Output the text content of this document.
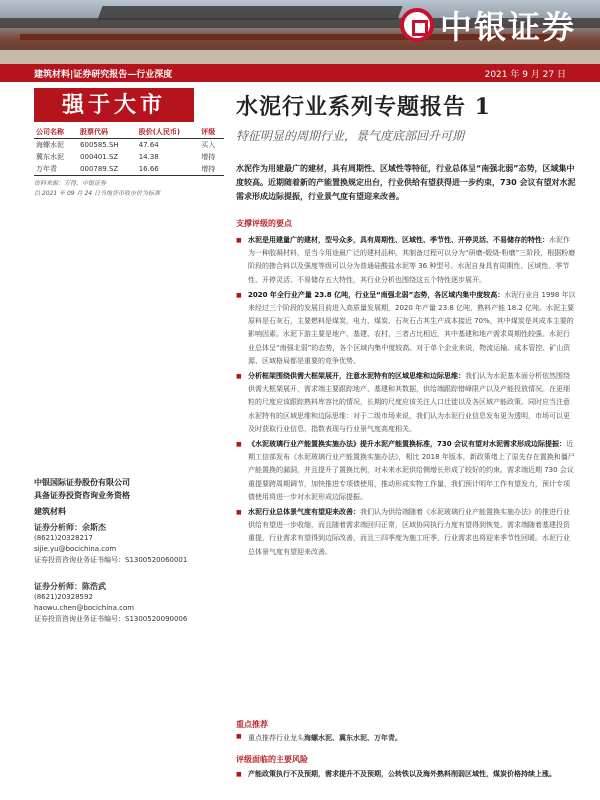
中银证券
建筑材料|证券研究报告—行业深度	2021 年 9 月 27 日
强于大市
公司名称	股票代码	股价(人民币)	评级
海螺水泥	600585.SH	47.64	买入
冀东水泥	000401.SZ	14.38	增持
万年青	000789.SZ	16.66	增持
资料来源：万得，中银证券
以 2021 年 09 月 24 日当地货币收市价为标准
中银国际证券股份有限公司
具备证券投资咨询业务资格
建筑材料
证券分析师：余斯杰
(8621)20328217
sijie.yu@bocichina.com
证券投资咨询业务证书编号：S1300520060001
证券分析师：陈浩武
(8621)20328592
haowu.chen@bocichina.com
证券投资咨询业务证书编号：S1300520090006
水泥行业系列专题报告 1
特征明显的周期行业，景气度底部回升可期
水泥作为用建最广的建材，具有周期性、区域性等特征，行业总体呈“南强北弱”态势，区域集中度较高。近期随着新的产能置换规定出台，行业供给有望获得进一步约束，730 会议有望对水泥需求形成边际提振，行业景气度有望迎来改善。
支撑评级的要点
■ 水泥是用建量广的建材，型号众多，具有周期性、区域性、季节性、开停灵活、不易储存的特性：水泥作为一种胶凝材料，是当今用途最广泛的建材品种。其制备过程可以分为“研磨-煅烧-粉磨”三阶段，根据粉磨阶段的掺合料以及强度等级可以分为普通硅酸盐水泥等 36 种型号。水泥自身具有周期性、区域性、季节性、开停灵活、不易储存五大特性，其行业分析也围绕这五个特性逐步展开。
■ 2020 年全行业产量 23.8 亿吨，行业呈“南强北弱”态势，各区域内集中度较高：水泥行业自 1998 年以来经过三个阶段的发展目前进入高质量发展期，2020 年产量 23.8 亿吨，熟料产能 18.2 亿吨。水泥主要原料是石灰石，主要燃料是煤炭，电力、煤炭、石灰石占其生产成本接近 70%，其中煤炭是其成本主要的影响因素。水泥下游主要是地产、基建、农村，三者占比相近，其中基建和地产需求周期性较强。水泥行业总体呈“南强北弱”的态势，各个区域内集中度较高。对于单个企业来说，物流运输、成本管控、矿山资源、区域格局都是重要的竞争优势。
■ 分析框架围绕供需大框架展开，注意水泥特有的区域思维和边际思维：我们认为水泥基本面分析依然围绕供需大框架展开，需求端主要跟踪地产、基建和其数据，供给端跟踪错峰限产以及产能投放情况。在更细粒的尺度应该跟踪熟料库容比的情况，长期的尺度应该关注人口迁徙以及各区域产能政策。同时应当注意水泥特有的区域思维和边际思维：对于二级市场来说，我们认为水泥行业信息发布更为透明，市场可以更及时获取行业信息，指数表现与行业景气度高度相关。
■ 《水泥玻璃行业产能置换实施办法》提升水泥产能置换标准，730 会议有望对水泥需求形成边际提振：近期工信部发布《水泥玻璃行业产能置换实施办法》，相比 2018 年版本，新政策堵上了原先存在置换和僵尸产能置换的漏洞，并且提升了置换比例，对未来水泥供给侧增长形成了较好的约束。需求端近期 730 会议重提要跨周期调节，加快推进专项债使用，推动形成实物工作量，我们预计明年工作有望发力，预计专项债使用将进一步对水泥形成边际提振。
■ 水泥行业总体景气度有望迎来改善：我们认为供给端随着《水泥玻璃行业产能置换实施办法》的推进行业供给有望进一步收缩，而且随着需求端回归正常，区域协同执行力度有望得到恢复。需求端随着基建投资重提，行业需求有望得到边际改善，而且三四季度为施工旺季，行业需求也将迎来季节性回暖。水泥行业总体景气度有望迎来改善。
重点推荐
■ 重点推荐行业龙头海螺水泥、冀东水泥、万年青。
评级面临的主要风险
■ 产能政策执行不及预期，需求提升不及预期，公转铁以及海外熟料削弱区域性，煤炭价格持续上涨。
